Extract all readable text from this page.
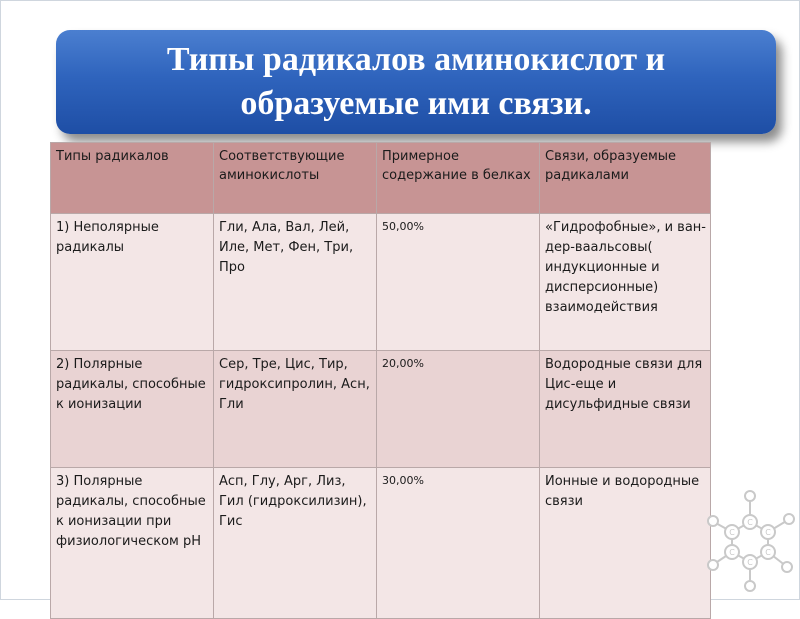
Типы радикалов аминокислот и
образуемые ими связи.
Типы радикалов	Соответствующие аминокислоты	Примерное содержание в белках	Связи, образуемые радикалами
1) Неполярные радикалы	Гли, Ала, Вал, Лей, Иле, Мет, Фен, Три, Про	50,00%	«Гидрофобные», и ван-дер-ваальсовы( индукционные и дисперсионные) взаимодействия
2) Полярные радикалы, способные к ионизации	Сер, Тре, Цис, Тир, гидроксипролин, Асн, Гли	20,00%	Водородные связи для Цис-еще и дисульфидные связи
3) Полярные радикалы, способные к ионизации при физиологическом рН	Асп, Глу, Арг, Лиз, Гил (гидроксилизин), Гис	30,00%	Ионные и водородные связи
C
C
C
C
C
C
